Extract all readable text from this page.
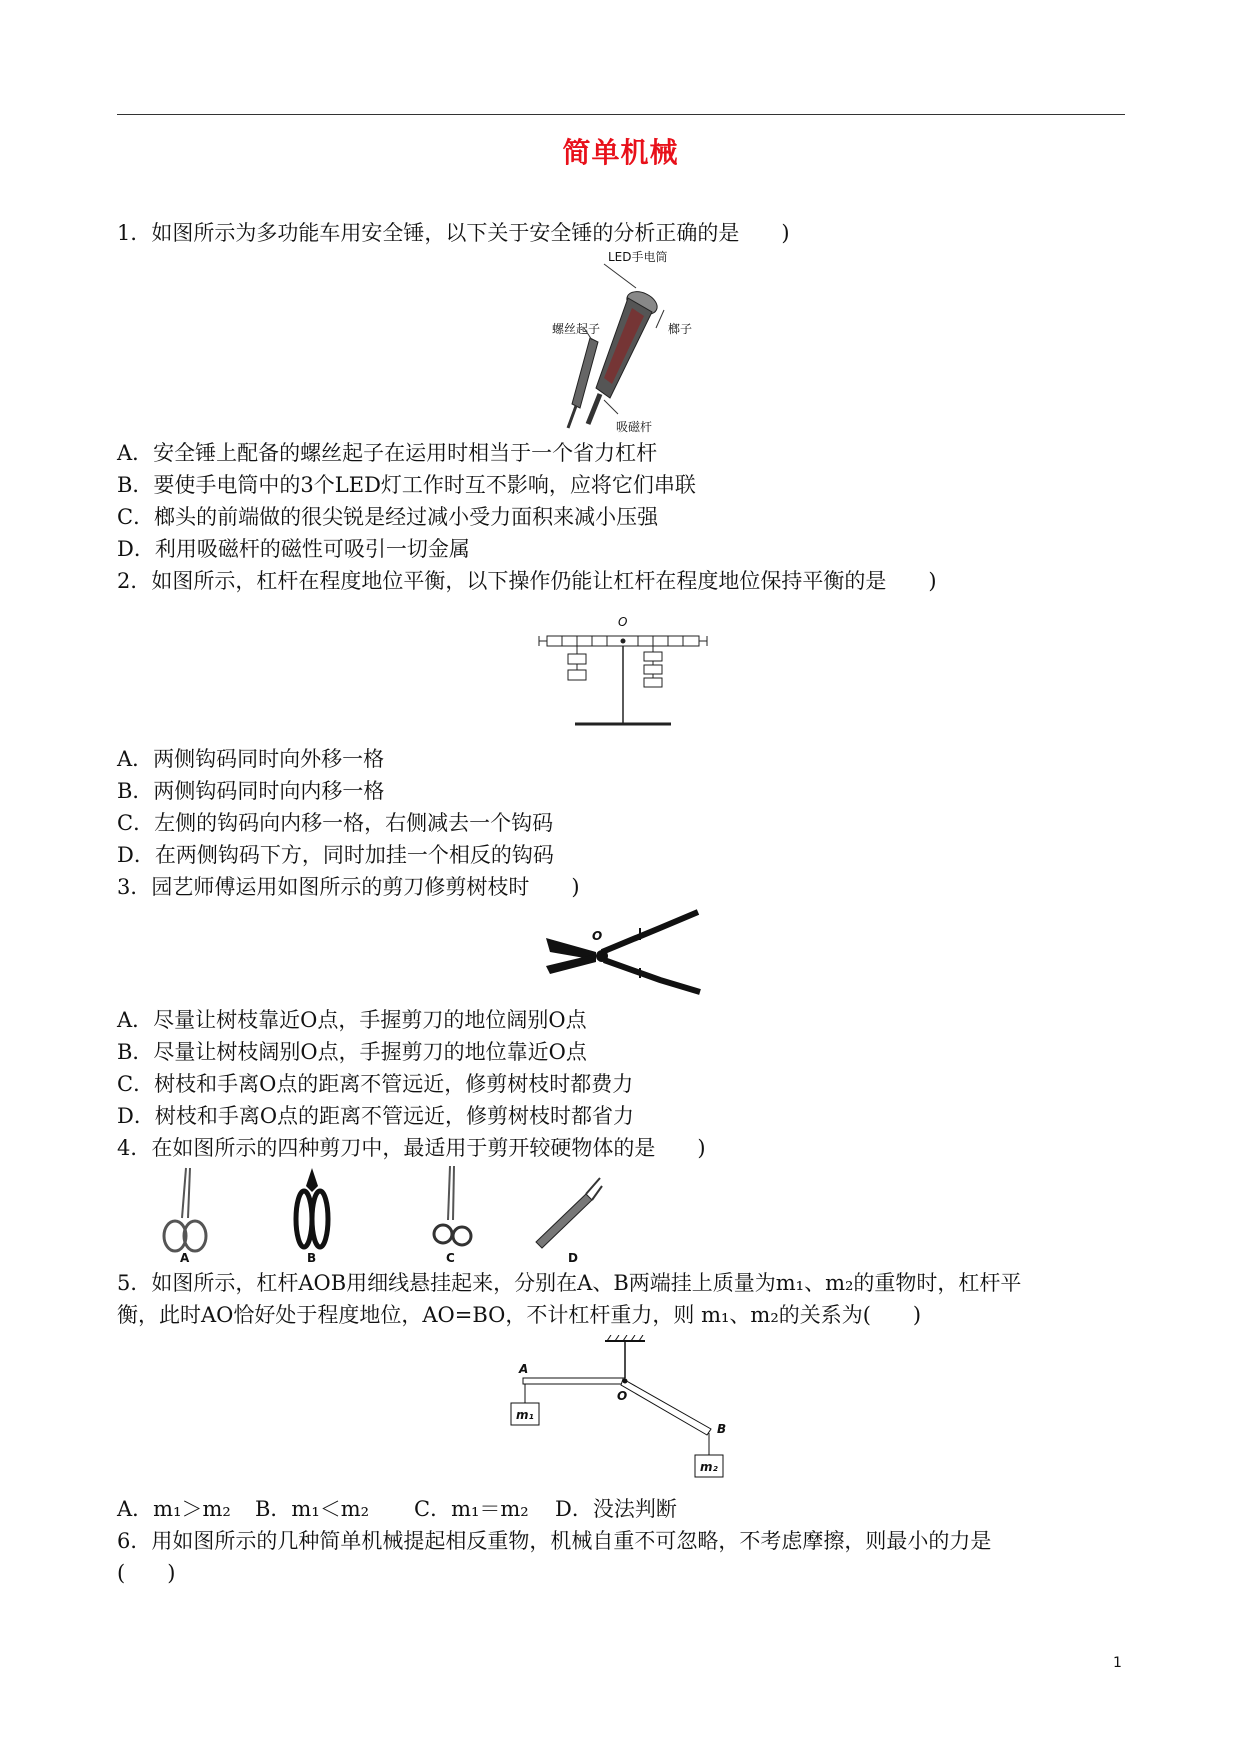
简单机械
1．如图所示为多功能车用安全锤，以下关于安全锤的分析正确的是　　)
LED手电筒
螺丝起子	榔子
吸磁杆
A．安全锤上配备的螺丝起子在运用时相当于一个省力杠杆
B．要使手电筒中的3个LED灯工作时互不影响，应将它们串联
C．榔头的前端做的很尖锐是经过减小受力面积来减小压强
D．利用吸磁杆的磁性可吸引一切金属
2．如图所示，杠杆在程度地位平衡，以下操作仍能让杠杆在程度地位保持平衡的是　　)
O
A．两侧钩码同时向外移一格
B．两侧钩码同时向内移一格
C．左侧的钩码向内移一格，右侧减去一个钩码
D．在两侧钩码下方，同时加挂一个相反的钩码
3．园艺师傅运用如图所示的剪刀修剪树枝时　　)
O
A．尽量让树枝靠近O点，手握剪刀的地位阔别O点
B．尽量让树枝阔别O点，手握剪刀的地位靠近O点
C．树枝和手离O点的距离不管远近，修剪树枝时都费力
D．树枝和手离O点的距离不管远近，修剪树枝时都省力
4．在如图所示的四种剪刀中，最适用于剪开较硬物体的是　　)
A	B	C	D
5．如图所示，杠杆AOB用细线悬挂起来，分别在A、B两端挂上质量为m₁、m₂的重物时，杠杆平
衡，此时AO恰好处于程度地位，AO=BO，不计杠杆重力，则 m₁、m₂的关系为(　　)
A
O
B
m₁
m₂
A．m₁＞m₂ B．m₁＜m₂ C．m₁＝m₂ D．没法判断
6．用如图所示的几种简单机械提起相反重物，机械自重不可忽略，不考虑摩擦，则最小的力是
(　　)
1
